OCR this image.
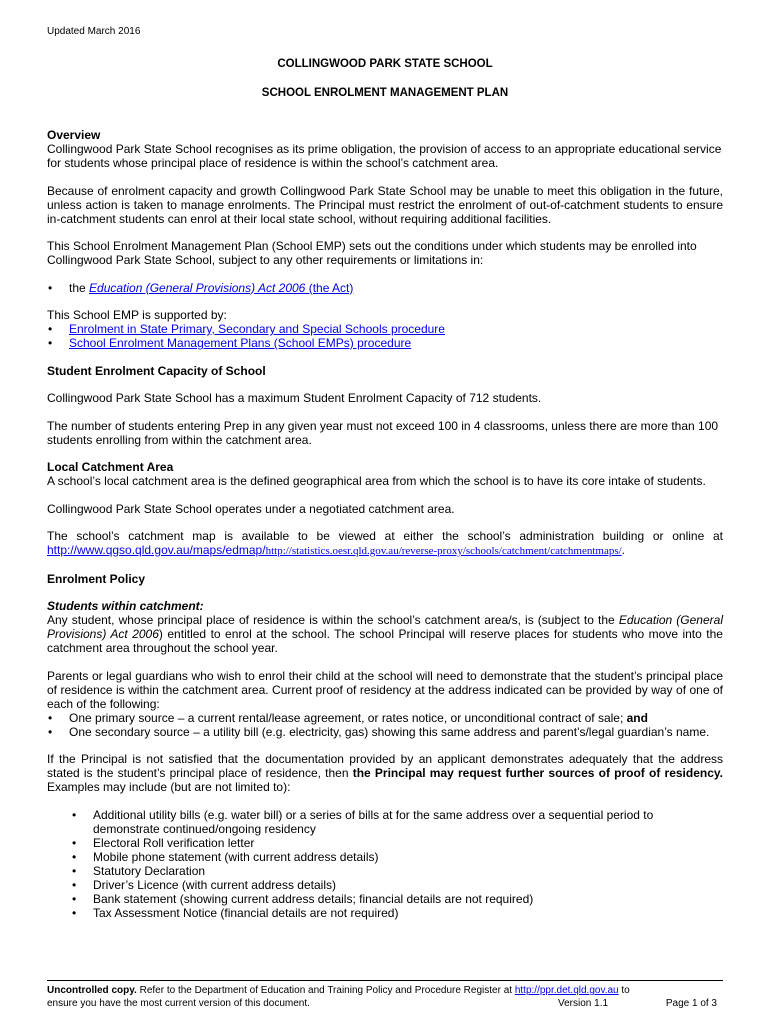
Updated March 2016
COLLINGWOOD PARK STATE SCHOOL
SCHOOL ENROLMENT MANAGEMENT PLAN
Overview

Collingwood Park State School recognises as its prime obligation, the provision of access to an appropriate educational service for students whose principal place of residence is within the school’s catchment area.

Because of enrolment capacity and growth Collingwood Park State School may be unable to meet this obligation in the future, unless action is taken to manage enrolments. The Principal must restrict the enrolment of out-of-catchment students to ensure in-catchment students can enrol at their local state school, without requiring additional facilities.

This School Enrolment Management Plan (School EMP) sets out the conditions under which students may be enrolled into Collingwood Park State School, subject to any other requirements or limitations in:

• the Education (General Provisions) Act 2006 (the Act)
This School EMP is supported by:
• Enrolment in State Primary, Secondary and Special Schools procedure
• School Enrolment Management Plans (School EMPs) procedure
Student Enrolment Capacity of School

Collingwood Park State School has a maximum Student Enrolment Capacity of 712 students.

The number of students entering Prep in any given year must not exceed 100 in 4 classrooms, unless there are more than 100 students enrolling from within the catchment area.

Local Catchment Area

A school’s local catchment area is the defined geographical area from which the school is to have its core intake of students.

Collingwood Park State School operates under a negotiated catchment area.

The school’s catchment map is available to be viewed at either the school’s administration building or online at http://www.qgso.qld.gov.au/maps/edmap/http://statistics.oesr.qld.gov.au/reverse-proxy/schools/catchment/catchmentmaps/.

Enrolment Policy
Students within catchment:

Any student, whose principal place of residence is within the school’s catchment area/s, is (subject to the Education (General Provisions) Act 2006) entitled to enrol at the school. The school Principal will reserve places for students who move into the catchment area throughout the school year.

Parents or legal guardians who wish to enrol their child at the school will need to demonstrate that the student’s principal place of residence is within the catchment area. Current proof of residency at the address indicated can be provided by way of one of each of the following:
• One primary source – a current rental/lease agreement, or rates notice, or unconditional contract of sale; and
• One secondary source – a utility bill (e.g. electricity, gas) showing this same address and parent’s/legal guardian’s name.

If the Principal is not satisfied that the documentation provided by an applicant demonstrates adequately that the address stated is the student’s principal place of residence, then the Principal may request further sources of proof of residency. Examples may include (but are not limited to):

• Additional utility bills (e.g. water bill) or a series of bills at for the same address over a sequential period to demonstrate continued/ongoing residency
• Electoral Roll verification letter
• Mobile phone statement (with current address details)
• Statutory Declaration
• Driver’s Licence (with current address details)
• Bank statement (showing current address details; financial details are not required)
• Tax Assessment Notice (financial details are not required)
Uncontrolled copy. Refer to the Department of Education and Training Policy and Procedure Register at http://ppr.det.qld.gov.au to
ensure you have the most current version of this document.	Version 1.1	Page 1 of 3
